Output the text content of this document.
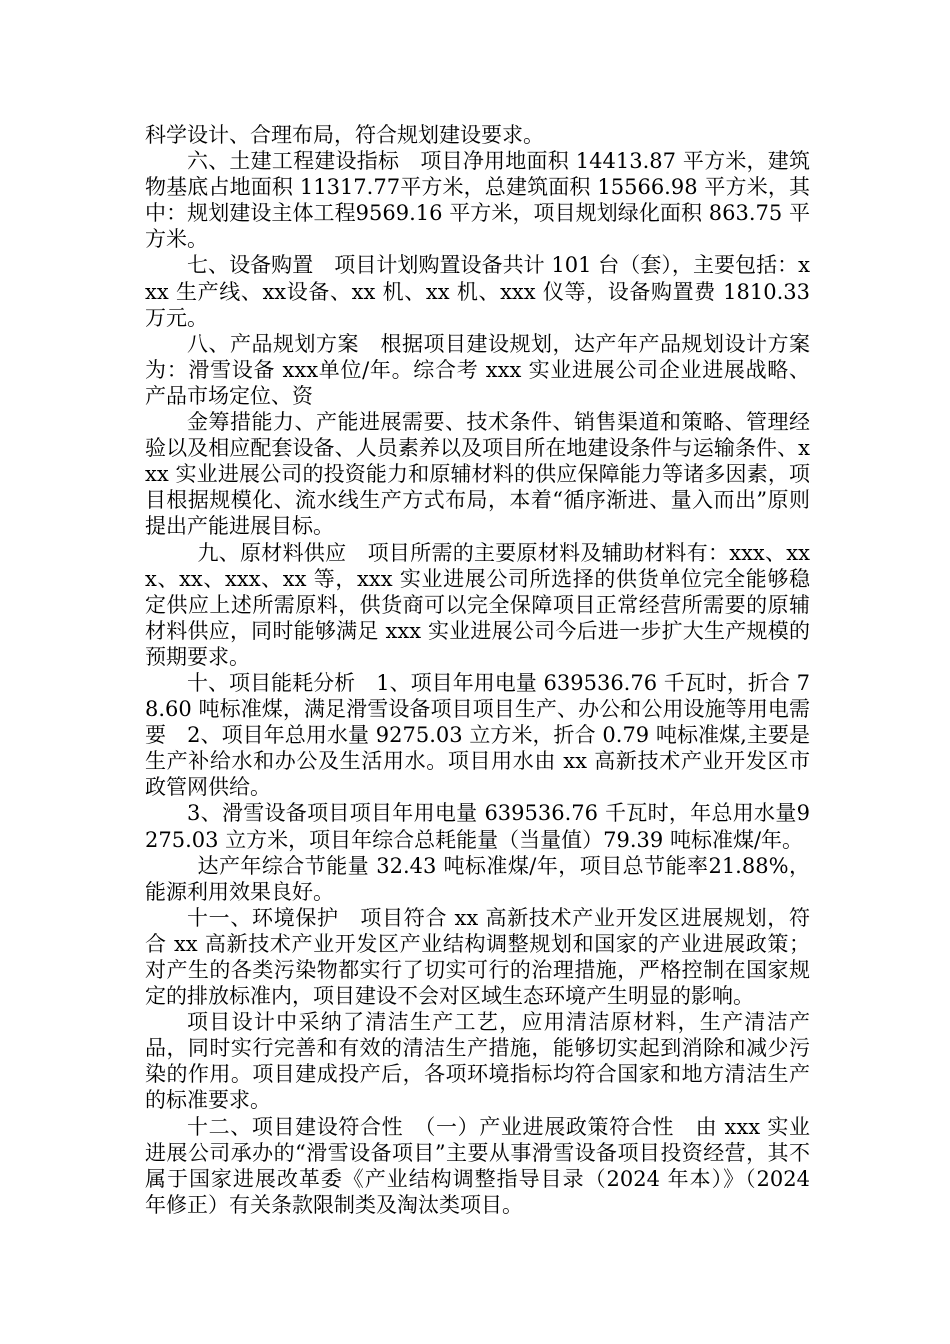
科学设计、合理布局，符合规划建设要求。

六、土建工程建设指标　项目净用地面积 14413.87 平方米，建筑物基底占地面积 11317.77平方米，总建筑面积 15566.98 平方米，其中：规划建设主体工程9569.16 平方米，项目规划绿化面积 863.75 平方米。

七、设备购置　项目计划购置设备共计 101 台（套），主要包括：xxx 生产线、xx设备、xx 机、xx 机、xxx 仪等，设备购置费 1810.33 万元。

八、产品规划方案　根据项目建设规划，达产年产品规划设计方案为：滑雪设备 xxx单位/年。综合考 xxx 实业进展公司企业进展战略、产品市场定位、资

金筹措能力、产能进展需要、技术条件、销售渠道和策略、管理经验以及相应配套设备、人员素养以及项目所在地建设条件与运输条件、xxx 实业进展公司的投资能力和原辅材料的供应保障能力等诸多因素，项目根据规模化、流水线生产方式布局，本着“循序渐进、量入而出”原则提出产能进展目标。

九、原材料供应　项目所需的主要原材料及辅助材料有：xxx、xxx、xx、xxx、xx 等，xxx 实业进展公司所选择的供货单位完全能够稳定供应上述所需原料，供货商可以完全保障项目正常经营所需要的原辅材料供应，同时能够满足 xxx 实业进展公司今后进一步扩大生产规模的预期要求。

十、项目能耗分析　1、项目年用电量 639536.76 千瓦时，折合 78.60 吨标准煤，满足滑雪设备项目项目生产、办公和公用设施等用电需要　2、项目年总用水量 9275.03 立方米，折合 0.79 吨标准煤,主要是生产补给水和办公及生活用水。项目用水由 xx 高新技术产业开发区市政管网供给。

3、滑雪设备项目项目年用电量 639536.76 千瓦时，年总用水量9275.03 立方米，项目年综合总耗能量（当量值）79.39 吨标准煤/年。

达产年综合节能量 32.43 吨标准煤/年，项目总节能率21.88%，能源利用效果良好。

十一、环境保护　项目符合 xx 高新技术产业开发区进展规划，符合 xx 高新技术产业开发区产业结构调整规划和国家的产业进展政策；对产生的各类污染物都实行了切实可行的治理措施，严格控制在国家规定的排放标准内，项目建设不会对区域生态环境产生明显的影响。

项目设计中采纳了清洁生产工艺，应用清洁原材料，生产清洁产品，同时实行完善和有效的清洁生产措施，能够切实起到消除和减少污染的作用。项目建成投产后，各项环境指标均符合国家和地方清洁生产的标准要求。

十二、项目建设符合性　（一）产业进展政策符合性　由 xxx 实业进展公司承办的“滑雪设备项目”主要从事滑雪设备项目投资经营，其不属于国家进展改革委《产业结构调整指导目录（2024 年本）》（2024 年修正）有关条款限制类及淘汰类项目。
